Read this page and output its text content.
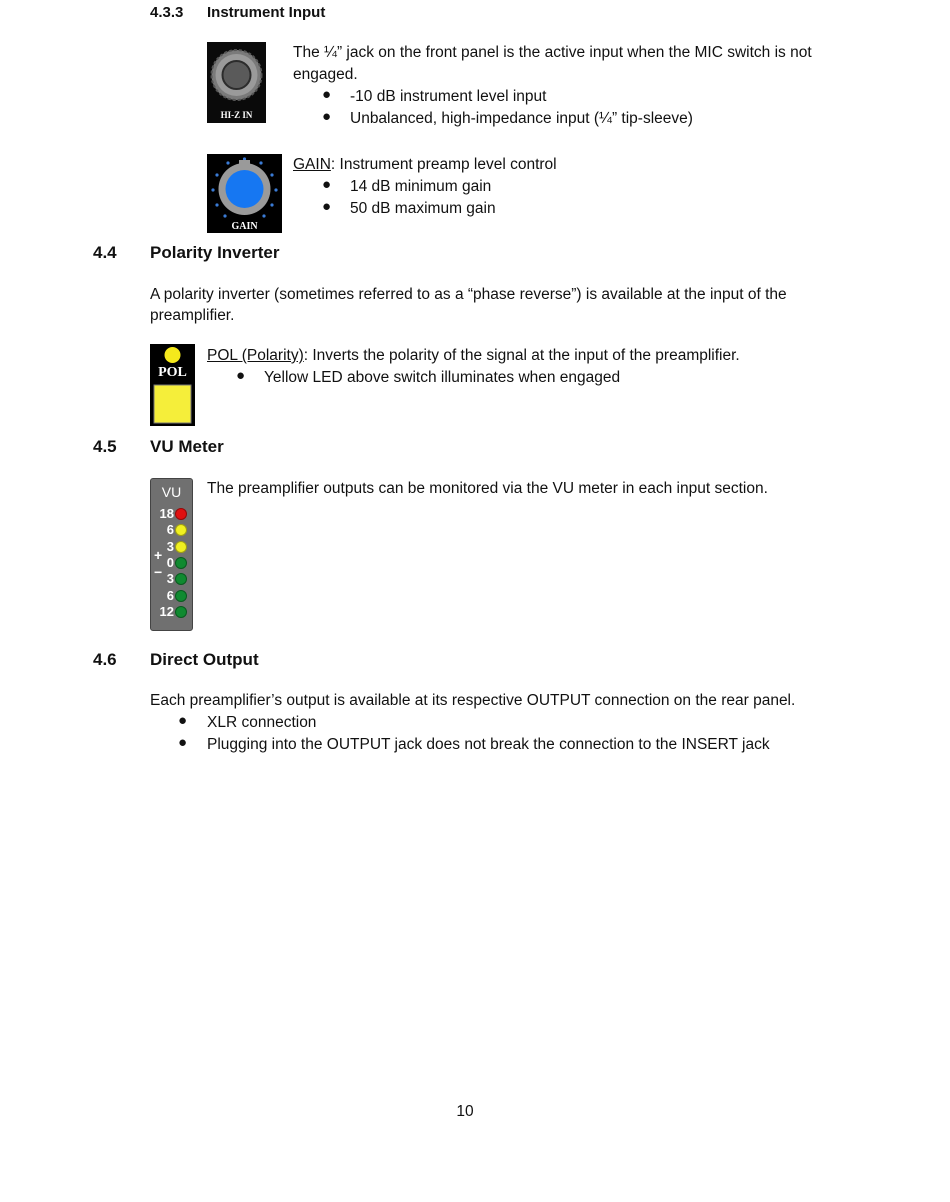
4.3.3 Instrument Input
HI-Z IN
The ¼” jack on the front panel is the active input when the MIC switch is not
engaged.
● -10 dB instrument level input
● Unbalanced, high-impedance input (¼” tip-sleeve)
GAIN
GAIN: Instrument preamp level control
● 14 dB minimum gain
● 50 dB maximum gain
4.4 Polarity Inverter
A polarity inverter (sometimes referred to as a “phase reverse”) is available at the input of the
preamplifier.
POL
POL (Polarity): Inverts the polarity of the signal at the input of the preamplifier.
● Yellow LED above switch illuminates when engaged
4.5 VU Meter
VU
18
6
3
0
3
6
12
+
−
The preamplifier outputs can be monitored via the VU meter in each input section.
4.6 Direct Output
Each preamplifier’s output is available at its respective OUTPUT connection on the rear panel.
● XLR connection
● Plugging into the OUTPUT jack does not break the connection to the INSERT jack
10
